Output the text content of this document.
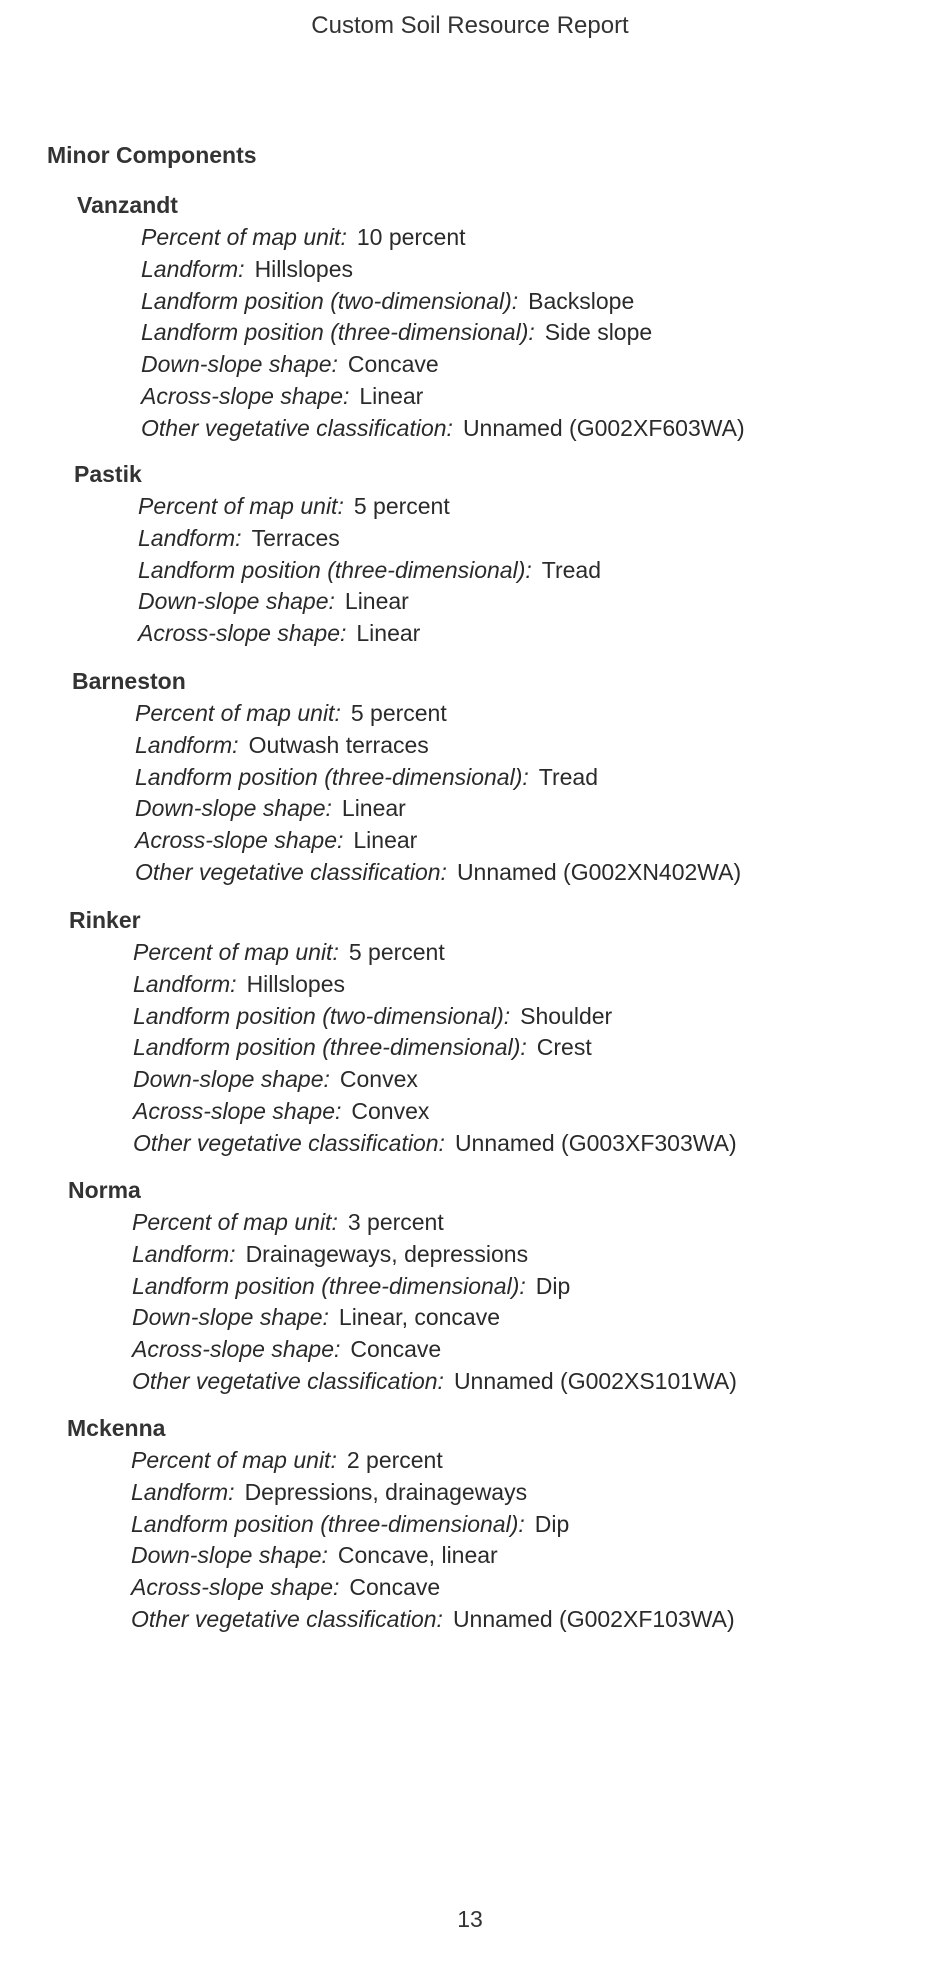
Custom Soil Resource Report
Minor Components
Vanzandt
Percent of map unit: 10 percent
Landform: Hillslopes
Landform position (two-dimensional): Backslope
Landform position (three-dimensional): Side slope
Down-slope shape: Concave
Across-slope shape: Linear
Other vegetative classification: Unnamed (G002XF603WA)
Pastik
Percent of map unit: 5 percent
Landform: Terraces
Landform position (three-dimensional): Tread
Down-slope shape: Linear
Across-slope shape: Linear
Barneston
Percent of map unit: 5 percent
Landform: Outwash terraces
Landform position (three-dimensional): Tread
Down-slope shape: Linear
Across-slope shape: Linear
Other vegetative classification: Unnamed (G002XN402WA)
Rinker
Percent of map unit: 5 percent
Landform: Hillslopes
Landform position (two-dimensional): Shoulder
Landform position (three-dimensional): Crest
Down-slope shape: Convex
Across-slope shape: Convex
Other vegetative classification: Unnamed (G003XF303WA)
Norma
Percent of map unit: 3 percent
Landform: Drainageways, depressions
Landform position (three-dimensional): Dip
Down-slope shape: Linear, concave
Across-slope shape: Concave
Other vegetative classification: Unnamed (G002XS101WA)
Mckenna
Percent of map unit: 2 percent
Landform: Depressions, drainageways
Landform position (three-dimensional): Dip
Down-slope shape: Concave, linear
Across-slope shape: Concave
Other vegetative classification: Unnamed (G002XF103WA)
13
